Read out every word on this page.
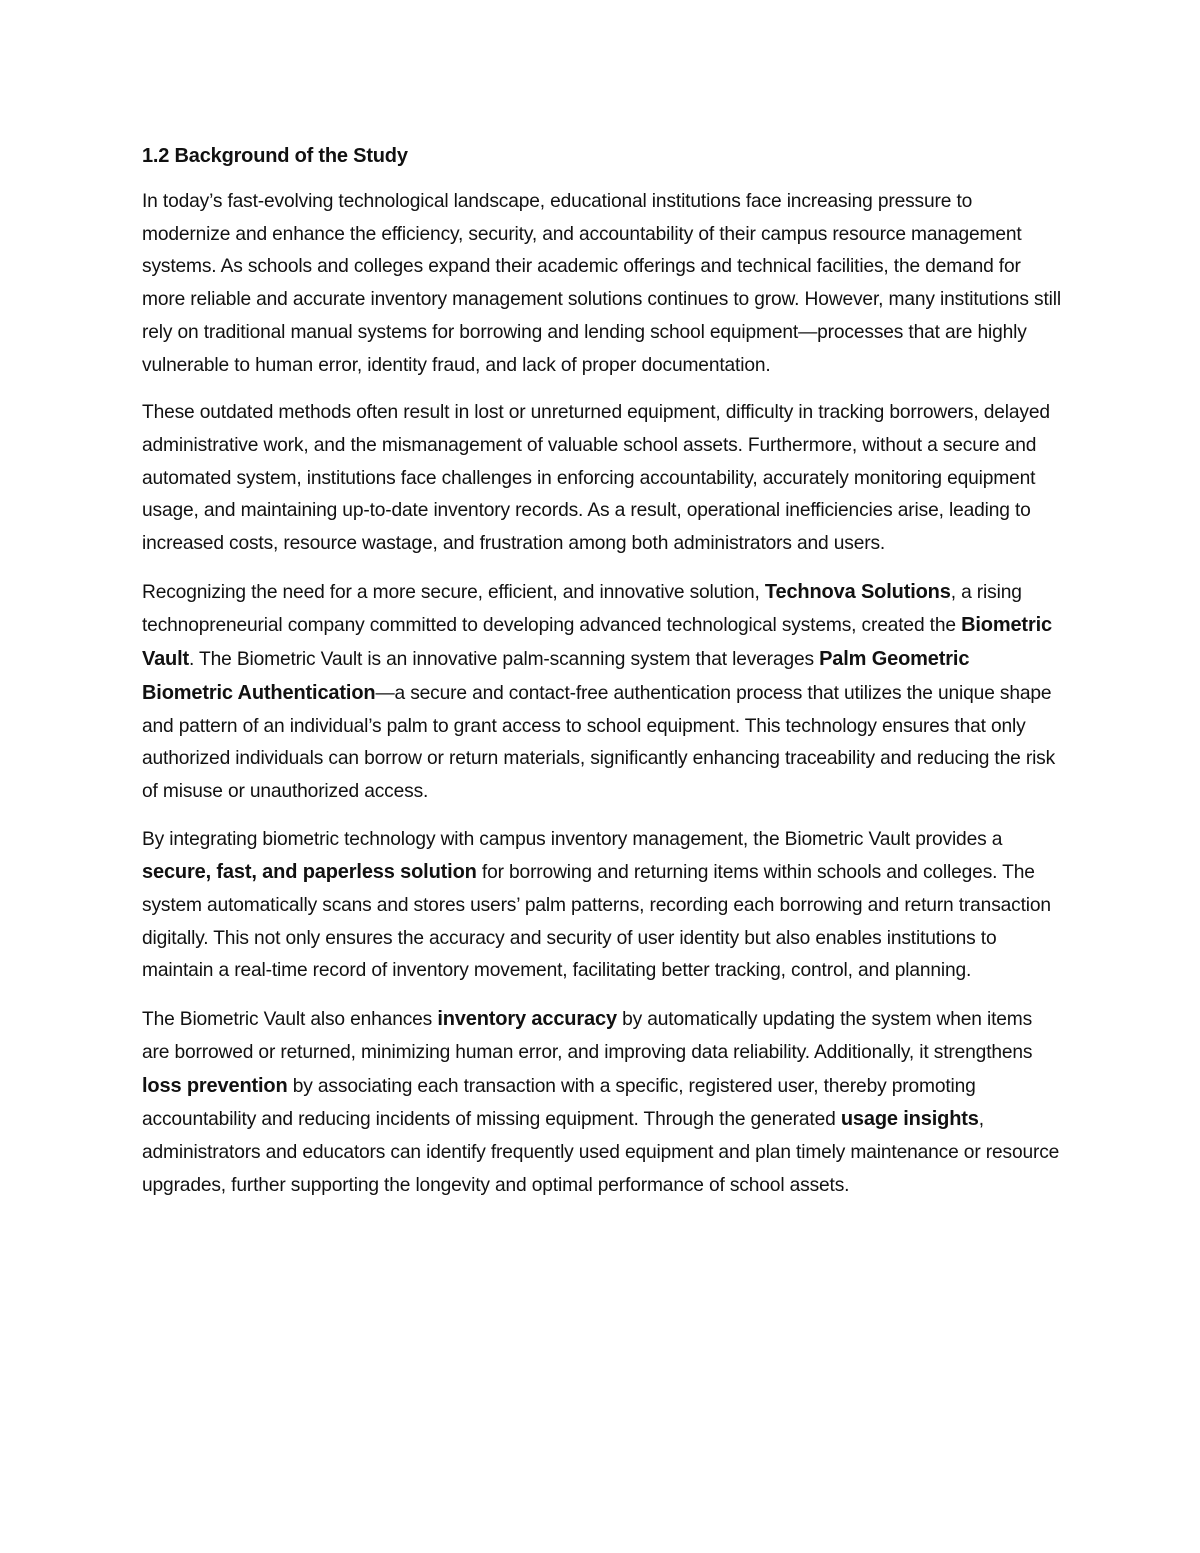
1.2 Background of the Study

In today’s fast-evolving technological landscape, educational institutions face increasing pressure to modernize and enhance the efficiency, security, and accountability of their campus resource management systems. As schools and colleges expand their academic offerings and technical facilities, the demand for more reliable and accurate inventory management solutions continues to grow. However, many institutions still rely on traditional manual systems for borrowing and lending school equipment—processes that are highly vulnerable to human error, identity fraud, and lack of proper documentation.

These outdated methods often result in lost or unreturned equipment, difficulty in tracking borrowers, delayed administrative work, and the mismanagement of valuable school assets. Furthermore, without a secure and automated system, institutions face challenges in enforcing accountability, accurately monitoring equipment usage, and maintaining up-to-date inventory records. As a result, operational inefficiencies arise, leading to increased costs, resource wastage, and frustration among both administrators and users.

Recognizing the need for a more secure, efficient, and innovative solution, Technova Solutions, a rising technopreneurial company committed to developing advanced technological systems, created the Biometric Vault. The Biometric Vault is an innovative palm-scanning system that leverages Palm Geometric Biometric Authentication—a secure and contact-free authentication process that utilizes the unique shape and pattern of an individual’s palm to grant access to school equipment. This technology ensures that only authorized individuals can borrow or return materials, significantly enhancing traceability and reducing the risk of misuse or unauthorized access.

By integrating biometric technology with campus inventory management, the Biometric Vault provides a secure, fast, and paperless solution for borrowing and returning items within schools and colleges. The system automatically scans and stores users’ palm patterns, recording each borrowing and return transaction digitally. This not only ensures the accuracy and security of user identity but also enables institutions to maintain a real-time record of inventory movement, facilitating better tracking, control, and planning.

The Biometric Vault also enhances inventory accuracy by automatically updating the system when items are borrowed or returned, minimizing human error, and improving data reliability. Additionally, it strengthens loss prevention by associating each transaction with a specific, registered user, thereby promoting accountability and reducing incidents of missing equipment. Through the generated usage insights, administrators and educators can identify frequently used equipment and plan timely maintenance or resource upgrades, further supporting the longevity and optimal performance of school assets.
